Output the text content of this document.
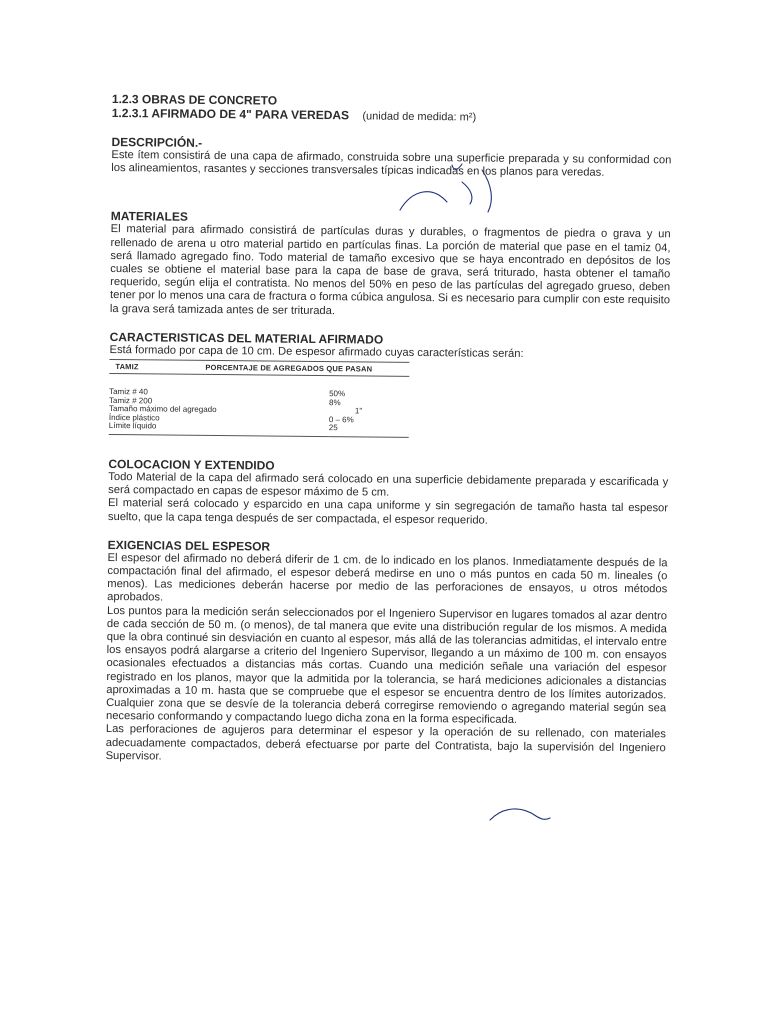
1.2.3 OBRAS DE CONCRETO
1.2.3.1 AFIRMADO DE 4" PARA VEREDAS (unidad de medida: m²)
DESCRIPCIÓN.-

Este ítem consistirá de una capa de afirmado, construida sobre una superficie preparada y su conformidad con los alineamientos, rasantes y secciones transversales típicas indicadas en los planos para veredas.

MATERIALES

El material para afirmado consistirá de partículas duras y durables, o fragmentos de piedra o grava y un rellenado de arena u otro material partido en partículas finas. La porción de material que pase en el tamiz 04, será llamado agregado fino. Todo material de tamaño excesivo que se haya encontrado en depósitos de los cuales se obtiene el material base para la capa de base de grava, será triturado, hasta obtener el tamaño requerido, según elija el contratista. No menos del 50% en peso de las partículas del agregado grueso, deben tener por lo menos una cara de fractura o forma cúbica angulosa. Si es necesario para cumplir con este requisito la grava será tamizada antes de ser triturada.

CARACTERISTICAS DEL MATERIAL AFIRMADO

Está formado por capa de 10 cm. De espesor afirmado cuyas características serán:

TAMIZ	PORCENTAJE DE AGREGADOS QUE PASAN
Tamiz # 40	50%
Tamiz # 200	8%
Tamaño máximo del agregado	1"
Índice plástico	0 – 6%
Límite líquido	25
COLOCACION Y EXTENDIDO

Todo Material de la capa del afirmado será colocado en una superficie debidamente preparada y escarificada y será compactado en capas de espesor máximo de 5 cm.

El material será colocado y esparcido en una capa uniforme y sin segregación de tamaño hasta tal espesor suelto, que la capa tenga después de ser compactada, el espesor requerido.

EXIGENCIAS DEL ESPESOR

El espesor del afirmado no deberá diferir de 1 cm. de lo indicado en los planos. Inmediatamente después de la compactación final del afirmado, el espesor deberá medirse en uno o más puntos en cada 50 m. lineales (o menos). Las mediciones deberán hacerse por medio de las perforaciones de ensayos, u otros métodos aprobados.

Los puntos para la medición serán seleccionados por el Ingeniero Supervisor en lugares tomados al azar dentro de cada sección de 50 m. (o menos), de tal manera que evite una distribución regular de los mismos. A medida que la obra continué sin desviación en cuanto al espesor, más allá de las tolerancias admitidas, el intervalo entre los ensayos podrá alargarse a criterio del Ingeniero Supervisor, llegando a un máximo de 100 m. con ensayos ocasionales efectuados a distancias más cortas. Cuando una medición señale una variación del espesor registrado en los planos, mayor que la admitida por la tolerancia, se hará mediciones adicionales a distancias aproximadas a 10 m. hasta que se compruebe que el espesor se encuentra dentro de los límites autorizados. Cualquier zona que se desvíe de la tolerancia deberá corregirse removiendo o agregando material según sea necesario conformando y compactando luego dicha zona en la forma especificada.

Las perforaciones de agujeros para determinar el espesor y la operación de su rellenado, con materiales adecuadamente compactados, deberá efectuarse por parte del Contratista, bajo la supervisión del Ingeniero Supervisor.
